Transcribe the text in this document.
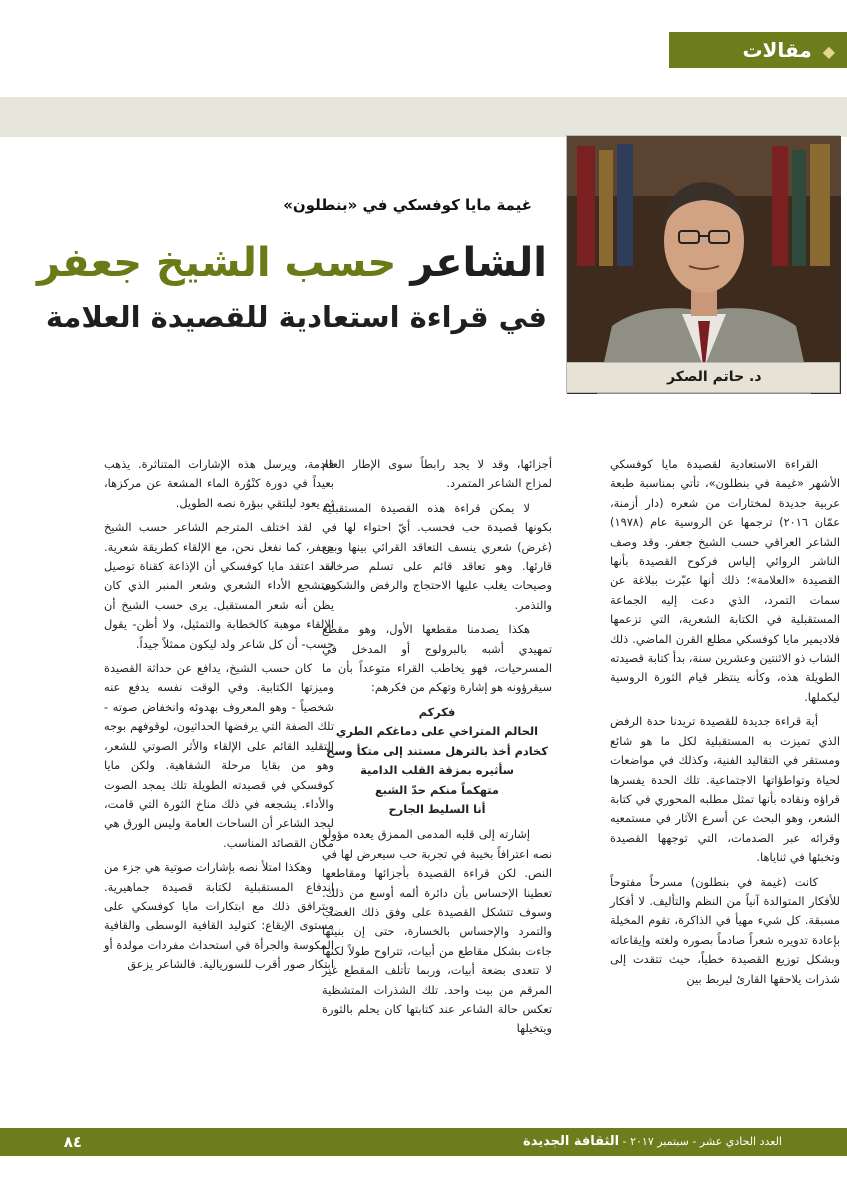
مقالات ◆
د. حاتم الصكر
غيمة مايا كوفسكي في «بنطلون»
الشاعر حسب الشيخ جعفر
في قراءة استعادية للقصيدة العلامة

القراءة الاستعادية لقصيدة مايا كوفسكي الأشهر «غيمة في بنطلون»، تأتي بمناسبة طبعة عربية جديدة لمختارات من شعره (دار أزمنة، عمّان ٢٠١٦) ترجمها عن الروسية عام (١٩٧٨) الشاعر العراقي حسب الشيخ جعفر. وقد وصف الناشر الروائي إلياس فركوح القصيدة بأنها القصيدة «العلامة»؛ ذلك أنها عبّرت ببلاغة عن سمات التمرد، الذي دعت إليه الجماعة المستقبلية في الكتابة الشعرية، التي تزعمها فلاديمير مايا كوفسكي مطلع القرن الماضي. ذلك الشاب ذو الاثنتين وعشرين سنة، بدأ كتابة قصيدته الطويلة هذه، وكأنه ينتظر قيام الثورة الروسية ليكملها.

أية قراءة جديدة للقصيدة تريدنا حدة الرفض الذي تميزت به المستقبلية لكل ما هو شائع ومستقر في التقاليد الفنية، وكذلك في مواضعات لحياة وتواطؤاتها الاجتماعية. تلك الحدة يفسرها قراؤه ونقاده بأنها تمثل مطلبه المحوري في كتابة الشعر، وهو البحث عن أسرع الآثار في مستمعيه وقرائه عبر الصدمات، التي توجهها القصيدة وتخبئها في ثناياها.

كانت (غيمة في بنطلون) مسرحاً مفتوحاً للأفكار المتوالدة آنياً من النظم والتأليف. لا أفكار مسبقة. كل شيء مهيأ في الذاكرة، تقوم المخيلة بإعادة تدويره شعراً صادماً بصوره ولغته وإيقاعاته وبشكل توزيع القصيدة خطياً، حيث تتقدت إلى شذرات يلاحقها القارئ ليربط بين

أجزائها، وقد لا يجد رابطاً سوى الإطار العام لمزاج الشاعر المتمرد.

لا يمكن قراءة هذه القصيدة المستقبلية بكونها قصيدة حب فحسب. أيّ احتواء لها في (غرض) شعري ينسف التعاقد القرائي بينها وبين قارئها. وهو تعاقد قائم على تسلم صرخات وصيحات يغلب عليها الاحتجاج والرفض والشكوى والتذمر.

هكذا يصدمنا مقطعها الأول، وهو مقطع تمهيدي أشبه بالبرولوج أو المدخل في المسرحيات، فهو يخاطب القراء متوعداً بأن ما سيقرؤونه هو إشارة وتهكم من فكرهم:

فكركم
الحالم المتراخي على دماغكم الطري
كخادم أخذ بالترهل مستند إلى متكأ وسخ
سأثيره بمزقة القلب الدامية
متهكماً منكم حدّ الشبع
أنا السليط الجارح

إشارته إلى قلبه المدمى الممزق يعده مؤولو نصه اعترافاً بخيبة في تجربة حب سيعرض لها في النص. لكن قراءة القصيدة بأجزائها ومقاطعها تعطينا الإحساس بأن دائرة ألمه أوسع من ذلك. وسوف تتشكل القصيدة على وفق ذلك الغضب والتمرد والإحساس بالخسارة، حتى إن بنيتها جاءت بشكل مقاطع من أبيات، تتراوح طولاً لكنها لا تتعدى بضعة أبيات، وربما تأتلف المقطع غير المرقم من بيت واحد. تلك الشذرات المتشظية تعكس حالة الشاعر عند كتابتها كان يحلم بالثورة ويتخيلها

قادمة، ويرسل هذه الإشارات المتناثرة. يذهب بعيداً في دورة كنْوُرة الماء المشعة عن مركزها، ثم يعود ليلتقي ببؤرة نصه الطويل.

لقد اختلف المترجم الشاعر حسب الشيخ جعفر، كما نفعل نحن، مع الإلقاء كطريقة شعرية. لقد اعتقد مايا كوفسكي أن الإذاعة كقناة توصيل ستشجع الأداء الشعري وشعر المنبر الذي كان يظن أنه شعر المستقبل. يرى حسب الشيخ أن الإلقاء موهبة كالخطابة والتمثيل، ولا أظن- يقول حسب- أن كل شاعر ولد ليكون ممثلاً جيداً.

كان حسب الشيخ، يدافع عن حداثة القصيدة وميزتها الكتابية. وفي الوقت نفسه يدفع عنه شخصياً - وهو المعروف بهدوئه وانخفاض صوته - تلك الصفة التي يرفضها الحداثيون، لوقوفهم بوجه التقليد القائم على الإلقاء والأثر الصوتي للشعر، وهو من بقايا مرحلة الشفاهية. ولكن مايا كوفسكي في قصيدته الطويلة تلك يمجد الصوت والأداء. يشجعه في ذلك مناخ الثورة التي قامت، ليجد الشاعر أن الساحات العامة وليس الورق هي مكان القصائد المناسب.

وهكذا امتلأ نصه بإشارات صوتية هي جزء من اندفاع المستقبلية لكتابة قصيدة جماهيرية. ويترافق ذلك مع ابتكارات مايا كوفسكي على مستوى الإيقاع: كتوليد القافية الوسطى والقافية المكوسة والجرأة في استحداث مفردات مولدة أو ابتكار صور أقرب للسوريالية. فالشاعر يزعق

العدد الحادي عشر - سبتمبر ٢٠١٧ - الثقافة الجديدة
٨٤
